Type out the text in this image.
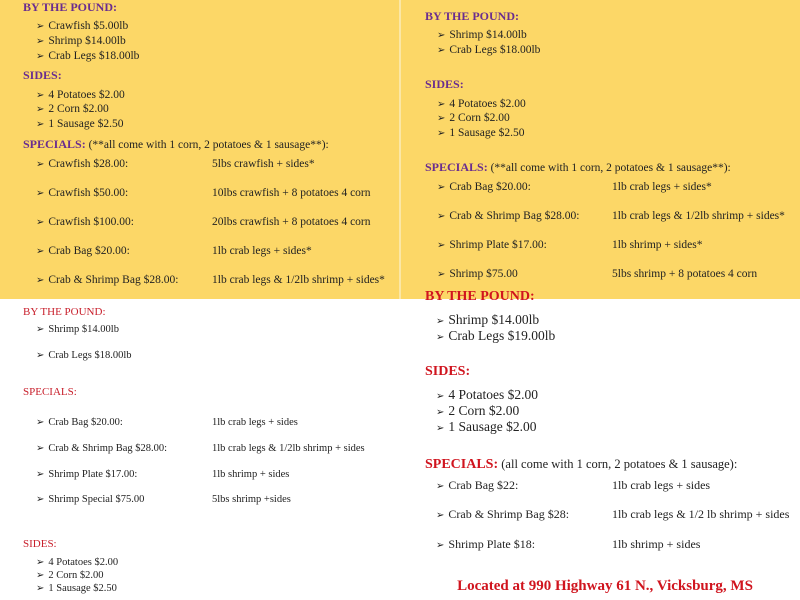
BY THE POUND:
➢ Crawfish $5.00lb
➢ Shrimp $14.00lb
➢ Crab Legs $18.00lb
SIDES:
➢ 4 Potatoes $2.00
➢ 2 Corn $2.00
➢ 1 Sausage $2.50
SPECIALS: (**all come with 1 corn, 2 potatoes & 1 sausage**):
➢ Crawfish $28.00:	5lbs crawfish + sides*
➢ Crawfish $50.00:	10lbs crawfish + 8 potatoes 4 corn
➢ Crawfish $100.00:	20lbs crawfish + 8 potatoes 4 corn
➢ Crab Bag $20.00:	1lb crab legs + sides*
➢ Crab & Shrimp Bag $28.00:	1lb crab legs & 1/2lb shrimp + sides*
BY THE POUND:
➢ Shrimp $14.00lb
➢ Crab Legs $18.00lb
SIDES:
➢ 4 Potatoes $2.00
➢ 2 Corn $2.00
➢ 1 Sausage $2.50
SPECIALS: (**all come with 1 corn, 2 potatoes & 1 sausage**):
➢ Crab Bag $20.00:	1lb crab legs + sides*
➢ Crab & Shrimp Bag $28.00:	1lb crab legs & 1/2lb shrimp + sides*
➢ Shrimp Plate $17.00:	1lb shrimp + sides*
➢ Shrimp $75.00	5lbs shrimp + 8 potatoes 4 corn
BY THE POUND:
➢ Shrimp $14.00lb
➢ Crab Legs $18.00lb
SPECIALS:
➢ Crab Bag $20.00:	1lb crab legs + sides
➢ Crab & Shrimp Bag $28.00:	1lb crab legs & 1/2lb shrimp + sides
➢ Shrimp Plate $17.00:	1lb shrimp + sides
➢ Shrimp Special $75.00	5lbs shrimp +sides
SIDES:
➢ 4 Potatoes $2.00
➢ 2 Corn $2.00
➢ 1 Sausage $2.50
BY THE POUND:
➢ Shrimp $14.00lb
➢ Crab Legs $19.00lb
SIDES:
➢ 4 Potatoes $2.00
➢ 2 Corn $2.00
➢ 1 Sausage $2.00
SPECIALS: (all come with 1 corn, 2 potatoes & 1 sausage):
➢ Crab Bag $22:	1lb crab legs + sides
➢ Crab & Shrimp Bag $28:	1lb crab legs & 1/2 lb shrimp + sides
➢ Shrimp Plate $18:	1lb shrimp + sides
Located at 990 Highway 61 N., Vicksburg, MS
